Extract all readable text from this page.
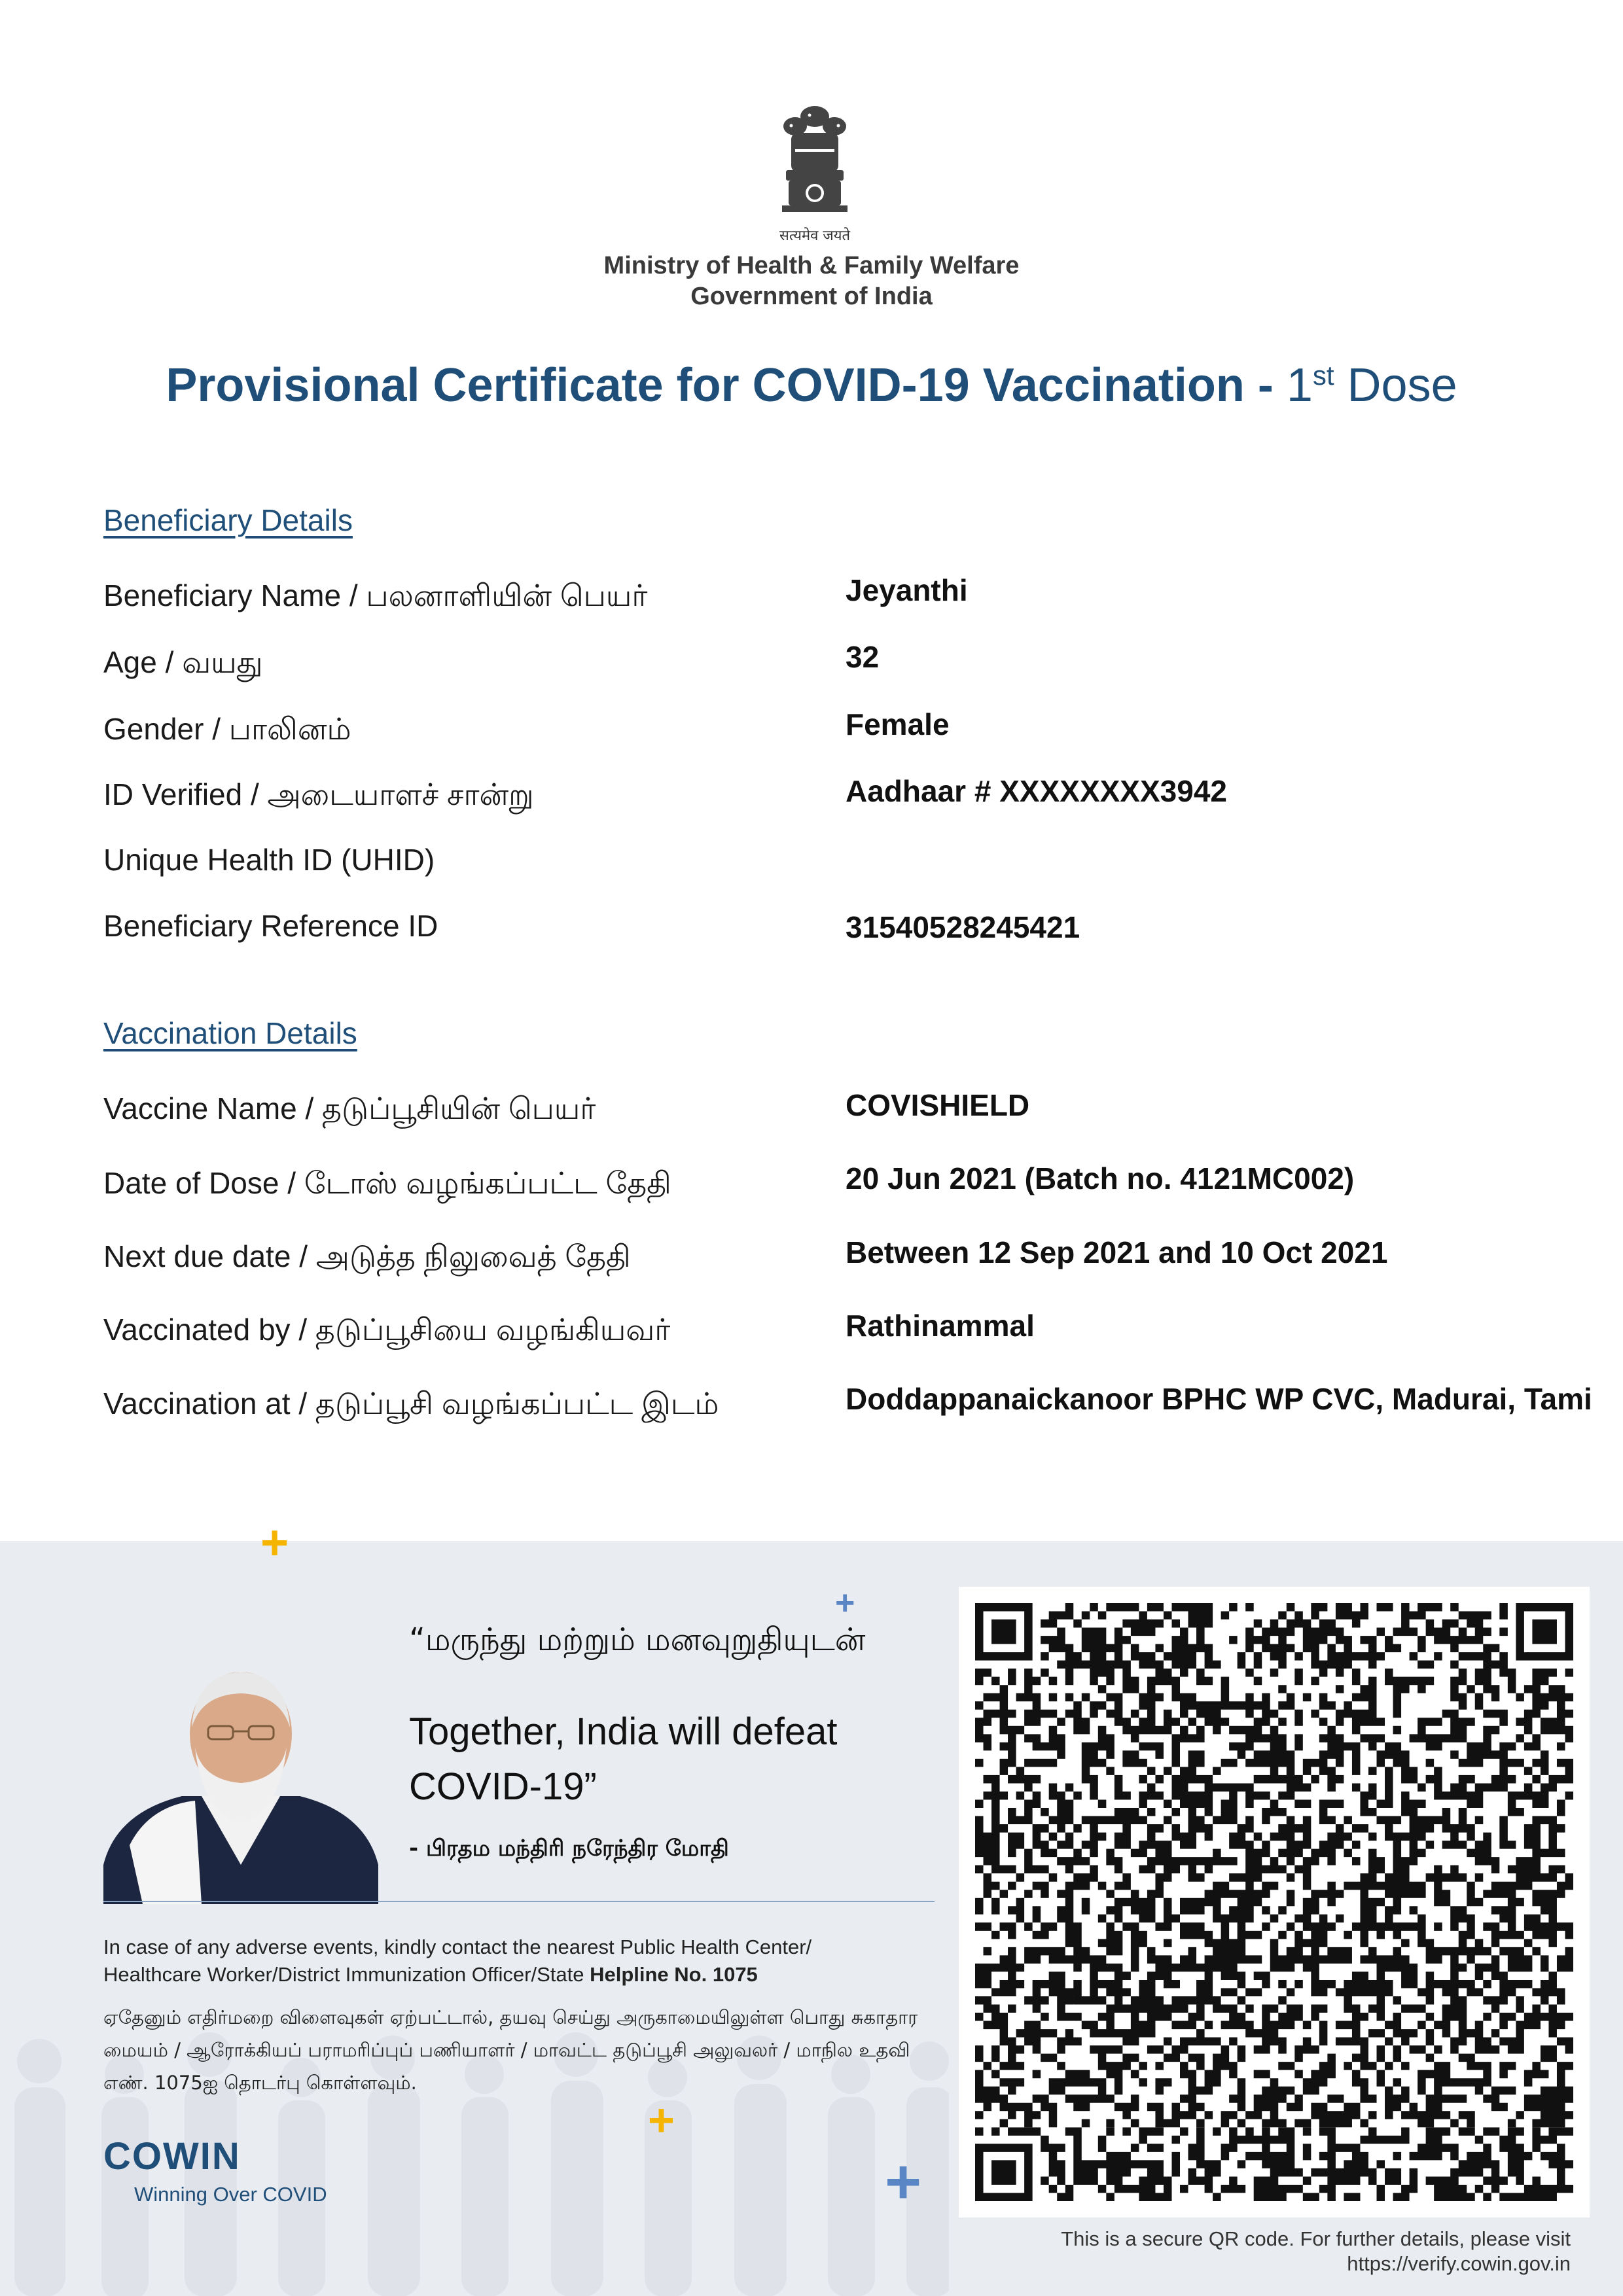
सत्यमेव जयते
Ministry of Health & Family Welfare
Government of India
Provisional Certificate for COVID-19 Vaccination - 1st Dose
Beneficiary Details
Beneficiary Name / பலனாளியின் பெயர்	Jeyanthi
Age / வயது	32
Gender / பாலினம்	Female
ID Verified / அடையாளச் சான்று	Aadhaar # XXXXXXXX3942
Unique Health ID (UHID)
Beneficiary Reference ID	31540528245421
Vaccination Details
Vaccine Name / தடுப்பூசியின் பெயர்	COVISHIELD
Date of Dose / டோஸ் வழங்கப்பட்ட தேதி	20 Jun 2021 (Batch no. 4121MC002)
Next due date / அடுத்த நிலுவைத் தேதி	Between 12 Sep 2021 and 10 Oct 2021
Vaccinated by / தடுப்பூசியை வழங்கியவர்	Rathinammal
Vaccination at / தடுப்பூசி வழங்கப்பட்ட இடம்	Doddappanaickanoor BPHC WP CVC, Madurai, Tami
+
+
+
+
“மருந்து மற்றும் மனவுறுதியுடன்
Together, India will defeat COVID-19”
- பிரதம மந்திரி நரேந்திர மோதி
In case of any adverse events, kindly contact the nearest Public Health Center/
Healthcare Worker/District Immunization Officer/State Helpline No. 1075
ஏதேனும் எதிர்மறை விளைவுகள் ஏற்பட்டால், தயவு செய்து அருகாமையிலுள்ள பொது சுகாதார மையம் / ஆரோக்கியப் பராமரிப்புப் பணியாளர் / மாவட்ட தடுப்பூசி அலுவலர் / மாநில உதவி எண். 1075ஐ தொடர்பு கொள்ளவும்.
COWIN
Winning Over COVID
This is a secure QR code. For further details, please visit
https://verify.cowin.gov.in
